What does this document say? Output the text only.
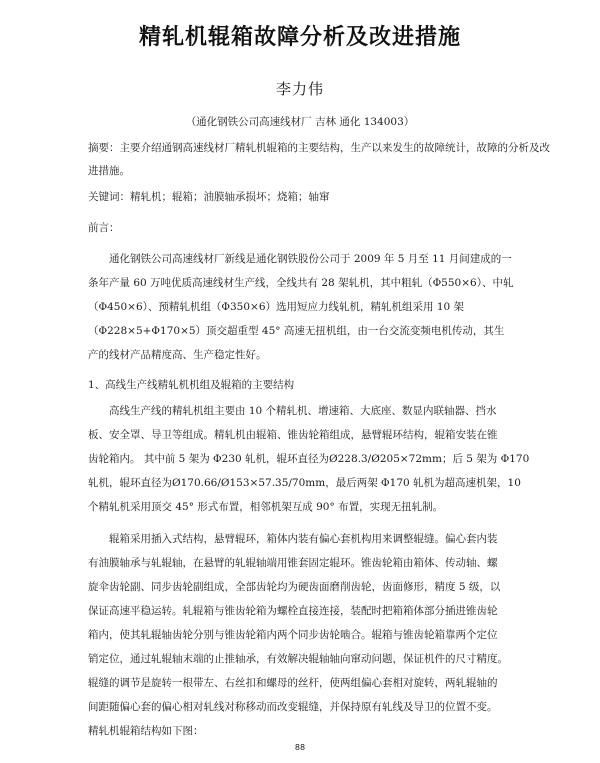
精轧机辊箱故障分析及改进措施
李力伟
（通化钢铁公司高速线材厂 吉林 通化 134003）
摘要：主要介绍通钢高速线材厂精轧机辊箱的主要结构，生产以来发生的故障统计，故障的分析及改
进措施。
关键词：精轧机；辊箱；油膜轴承损坏；烧箱；轴窜
前言：
通化钢铁公司高速线材厂新线是通化钢铁股份公司于 2009 年 5 月至 11 月间建成的一
条年产量 60 万吨优质高速线材生产线，全线共有 28 架轧机，其中粗轧（Φ550×6）、中轧
（Φ450×6）、预精轧机组（Φ350×6）选用短应力线轧机，精轧机组采用 10 架
（Φ228×5+Φ170×5）顶交超重型 45° 高速无扭机组，由一台交流变频电机传动，其生
产的线材产品精度高、生产稳定性好。
1、高线生产线精轧机机组及辊箱的主要结构
高线生产线的精轧机组主要由 10 个精轧机、增速箱、大底座、数显内联轴器、挡水
板、安全罩、导卫等组成。精轧机由辊箱、锥齿轮箱组成，悬臂辊环结构，辊箱安装在锥
齿轮箱内。 其中前 5 架为 Φ230 轧机，辊环直径为Ø228.3/Ø205×72mm；后 5 架为 Φ170
轧机，辊环直径为Ø170.66/Ø153×57.35/70mm，最后两架 Φ170 轧机为超高速机架，10
个精轧机采用顶交 45° 形式布置，相邻机架互成 90° 布置，实现无扭轧制。
辊箱采用插入式结构，悬臂辊环，箱体内装有偏心套机构用来调整辊缝。偏心套内装
有油膜轴承与轧辊轴，在悬臂的轧辊轴端用锥套固定辊环。锥齿轮箱由箱体、传动轴、螺
旋伞齿轮副、同步齿轮副组成，全部齿轮均为硬齿面磨削齿轮，齿面修形，精度 5 级，以
保证高速平稳运转。轧辊箱与锥齿轮箱为螺栓直接连接，装配时把箱箱体部分插进锥齿轮
箱内，使其轧辊轴齿轮分别与锥齿轮箱内两个同步齿轮啮合。辊箱与锥齿轮箱靠两个定位
销定位，通过轧辊轴末端的止推轴承，有效解决辊轴轴向窜动问题，保证机件的尺寸精度。
辊缝的调节是旋转一根带左、右丝扣和螺母的丝杆，使两组偏心套相对旋转，两轧辊轴的
间距随偏心套的偏心相对轧线对称移动而改变辊缝，并保持原有轧线及导卫的位置不变。
精轧机辊箱结构如下图：
88
